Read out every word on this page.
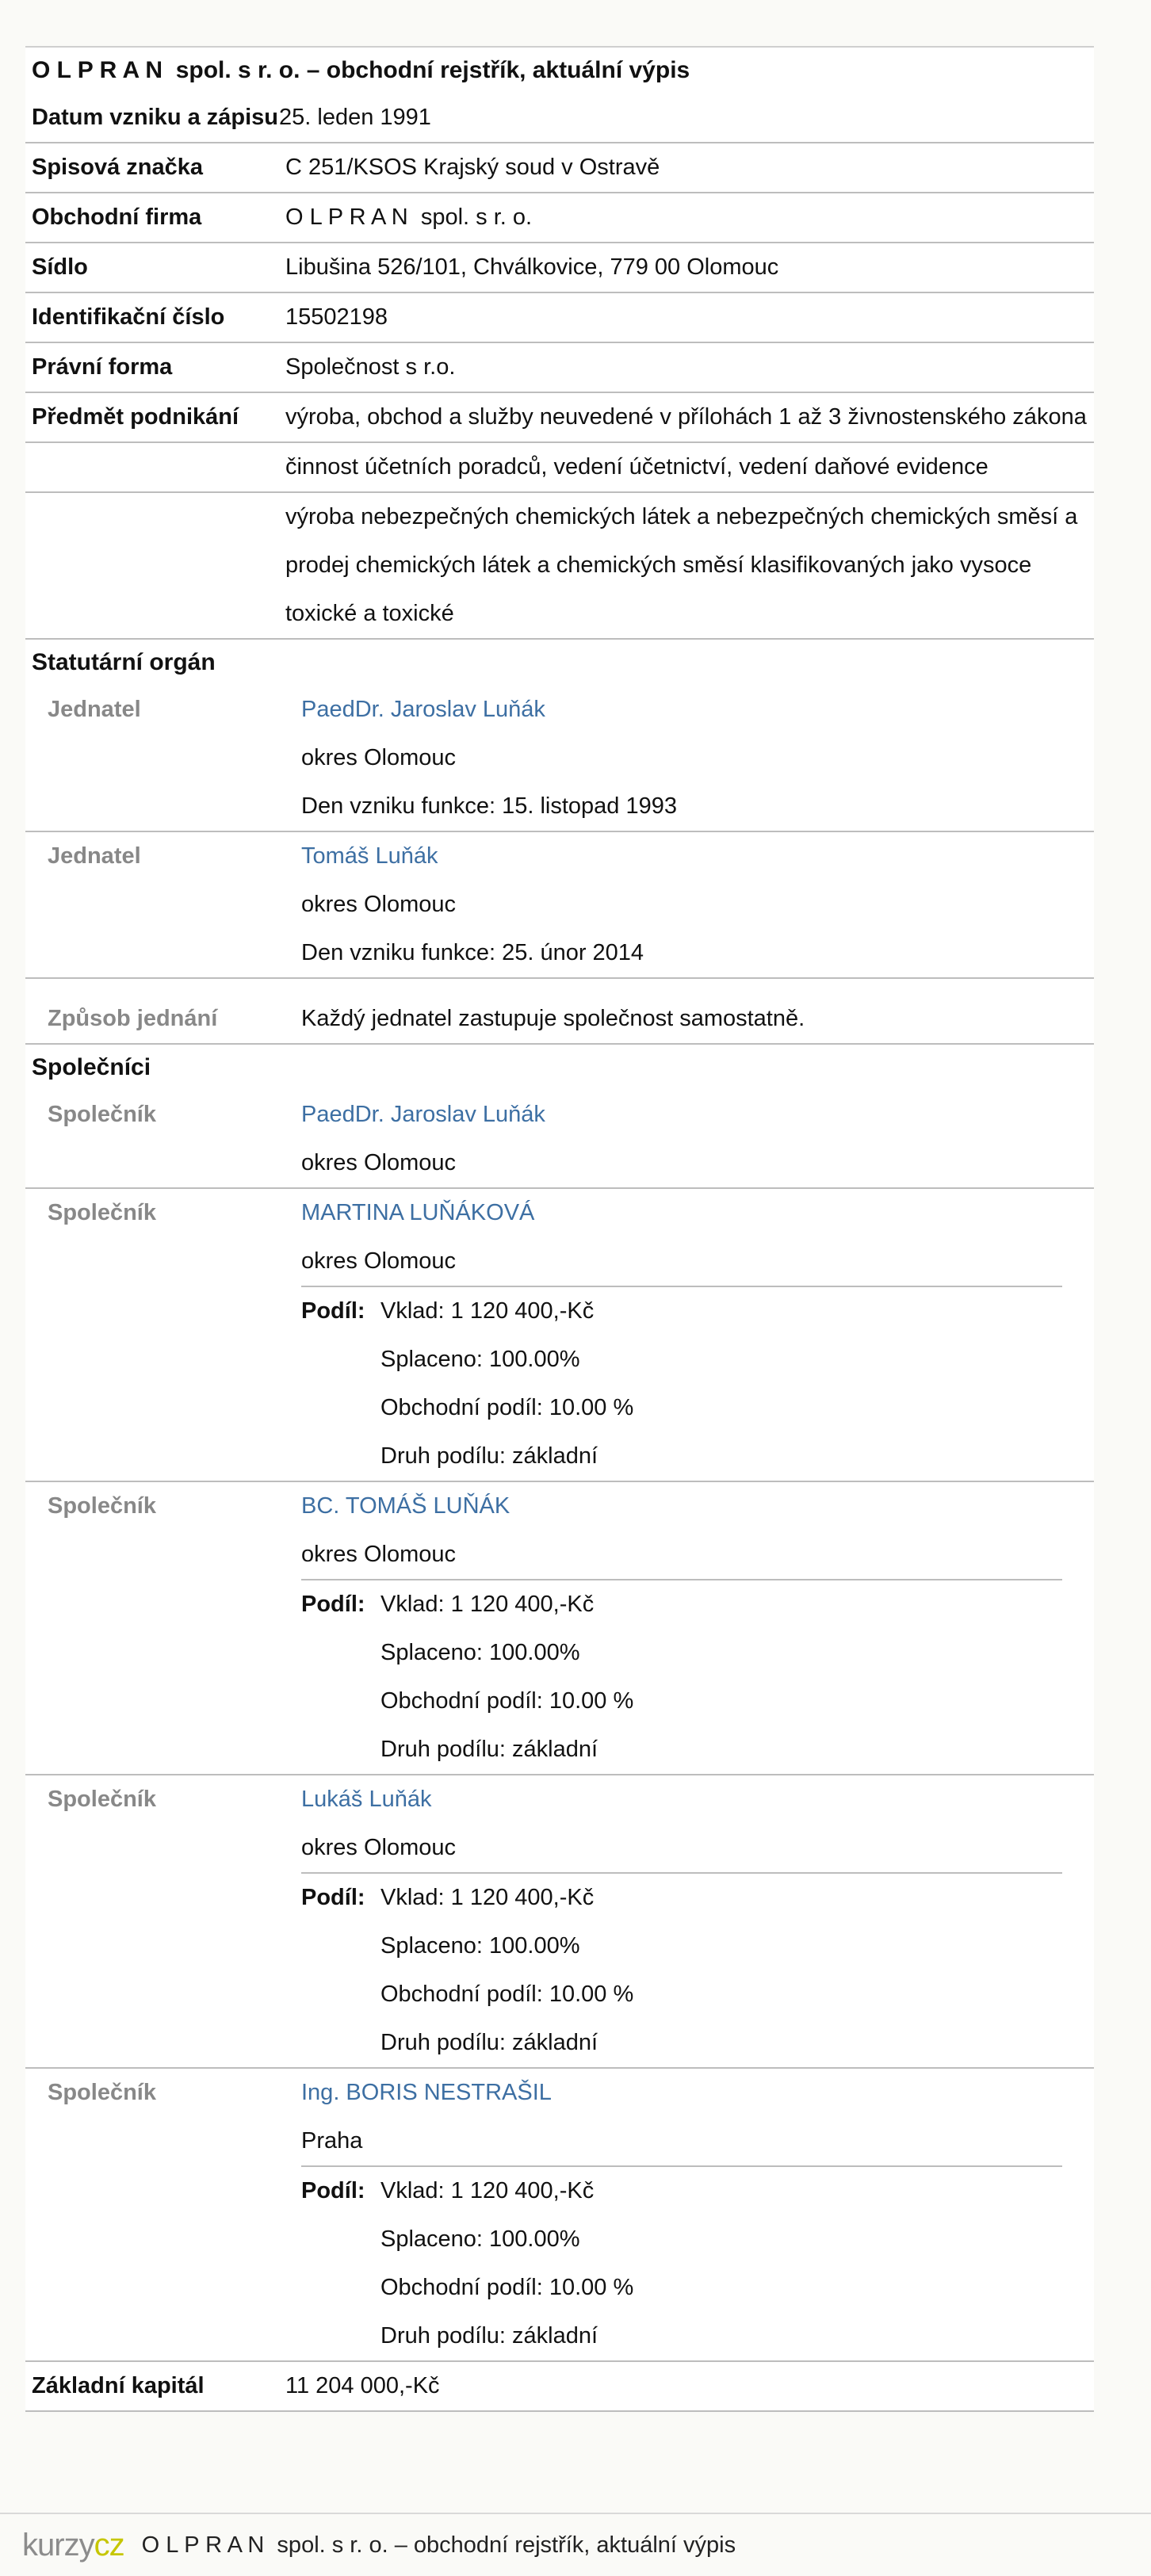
O L P R A N  spol. s r. o. – obchodní rejstřík, aktuální výpis
Datum vzniku a zápisu 25. leden 1991
Spisová značka	C 251/KSOS Krajský soud v Ostravě
Obchodní firma	O L P R A N  spol. s r. o.
Sídlo	Libušina 526/101, Chválkovice, 779 00 Olomouc
Identifikační číslo	15502198
Právní forma	Společnost s r.o.
Předmět podnikání	výroba, obchod a služby neuvedené v přílohách 1 až 3 živnostenského zákona
činnost účetních poradců, vedení účetnictví, vedení daňové evidence
výroba nebezpečných chemických látek a nebezpečných chemických směsí a prodej chemických látek a chemických směsí klasifikovaných jako vysoce toxické a toxické
Statutární orgán
Jednatel	PaedDr. Jaroslav Luňák
okres Olomouc
Den vzniku funkce: 15. listopad 1993
Jednatel	Tomáš Luňák
okres Olomouc
Den vzniku funkce: 25. únor 2014
Způsob jednání	Každý jednatel zastupuje společnost samostatně.
Společníci
Společník	PaedDr. Jaroslav Luňák
okres Olomouc
Společník	MARTINA LUŇÁKOVÁ
okres Olomouc
Podíl: Vklad: 1 120 400,-Kč
Splaceno: 100.00%
Obchodní podíl: 10.00 %
Druh podílu: základní
Společník	BC. TOMÁŠ LUŇÁK
okres Olomouc
Podíl: Vklad: 1 120 400,-Kč
Splaceno: 100.00%
Obchodní podíl: 10.00 %
Druh podílu: základní
Společník	Lukáš Luňák
okres Olomouc
Podíl: Vklad: 1 120 400,-Kč
Splaceno: 100.00%
Obchodní podíl: 10.00 %
Druh podílu: základní
Společník	Ing. BORIS NESTRAŠIL
Praha
Podíl: Vklad: 1 120 400,-Kč
Splaceno: 100.00%
Obchodní podíl: 10.00 %
Druh podílu: základní
Základní kapitál	11 204 000,-Kč
kurzycz O L P R A N  spol. s r. o. – obchodní rejstřík, aktuální výpis
